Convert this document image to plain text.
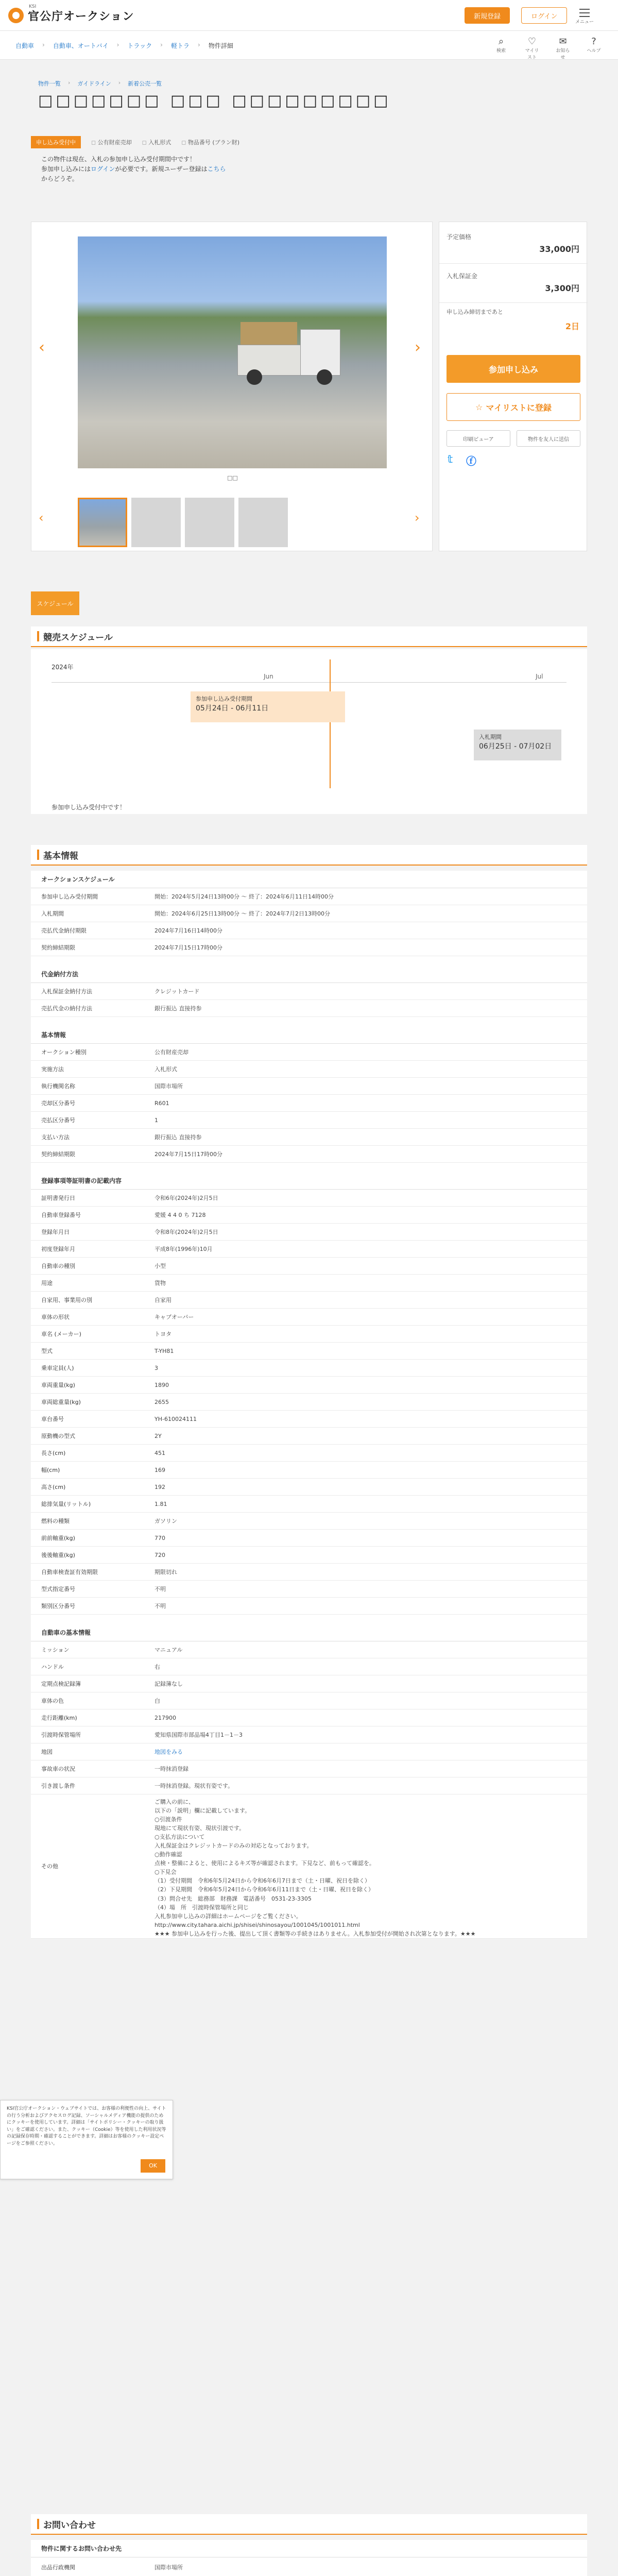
官公庁オークション
KSI
新規登録	ログイン
メニュー
自動車 › 自動車、オートバイ › トラック › 軽トラ › 物件詳細	⌕
検索
♡
マイリスト
✉
お知らせ
?
ヘルプ
物件一覧 › ガイドライン › 新着公売一覧
□□□□□□□ □□□ □□□□□□□□□
申し込み受付中	◻ 公有財産売却	◻ 入札形式	◻ 物品番号 (ブラン財)
この物件は現在、入札の参加申し込み受付期間中です！
参加申し込みにはログインが必要です。新規ユーザー登録はこちら
からどうぞ。
‹	›
□□
‹	›
予定価格
33,000円
入札保証金
3,300円
申し込み締切まであと
2日
参加申し込み
☆ マイリストに登録
印刷ビューア	物件を友人に送信
𝕥 ⓕ
スケジュール
競売スケジュール
2024年
Jun	Jul
参加申し込み受付期間
05月24日 - 06月11日
入札期間
06月25日 - 07月02日
参加申し込み受付中です！
基本情報
オークションスケジュール
参加申し込み受付期間	開始：2024年5月24日13時00分 ～ 終了：2024年6月11日14時00分
入札期間	開始：2024年6月25日13時00分 ～ 終了：2024年7月2日13時00分
売払代金納付期限	2024年7月16日14時00分
契約締結期限	2024年7月15日17時00分
代金納付方法
入札保証金納付方法	クレジットカード
売払代金の納付方法	銀行振込 直接持参
基本情報
オークション種別	公有財産売却
実施方法	入札形式
執行機関名称	国際市場所
売却区分番号	R601
売払区分番号	1
支払い方法	銀行振込 直接持参
契約締結期限	2024年7月15日17時00分
登録事項等証明書の記載内容
証明書発行日	令和6年(2024年)2月5日
自動車登録番号	愛媛 4 4 0 ち 7128
登録年月日	令和8年(2024年)2月5日
初度登録年月	平成8年(1996年)10月
自動車の種別	小型
用途	貨物
自家用、事業用の別	自家用
車体の形状	キャブオーバー
車名 (メーカー)	トヨタ
型式	T-YH81
乗車定員(人)	3
車両重量(kg)	1890
車両総重量(kg)	2655
車台番号	YH-610024111
原動機の型式	2Y
長さ(cm)	451
幅(cm)	169
高さ(cm)	192
総排気量(リットル)	1.81
燃料の種類	ガソリン
前前軸重(kg)	770
後後軸重(kg)	720
自動車検査証有効期限	期限切れ
型式指定番号	不明
類別区分番号	不明
自動車の基本情報
ミッション	マニュアル
ハンドル	右
定期点検記録簿	記録簿なし
車体の色	白
走行距離(km)	217900
引渡時保管場所	愛知県国際市部品場4丁目1－1－3
地図	地図をみる
事故車の状況	一時抹消登録
引き渡し条件	一時抹消登録。現状有姿です。
その他
ご購入の前に、
以下の「説明」欄に記載しています。
○引渡条件
現地にて現状有姿、現状引渡です。
○支払方法について
入札保証金はクレジットカードのみの対応となっております。
○動作確認
点検・整備によると、使用によるキズ等が確認されます。下見など、前もって確認を。
○下見会
（1）受付期間　令和6年5月24日から令和6年6月7日まで（土・日曜、祝日を除く）
（2）下見期間　令和6年5月24日から令和6年6月11日まで（土・日曜、祝日を除く）
（3）問合せ先　総務部　財務課　電話番号　0531-23-3305
（4）場　所　引渡時保管場所と同じ
入札参加申し込みの詳細はホームページをご覧ください。
http://www.city.tahara.aichi.jp/shisei/shinosayou/1001045/1001011.html
★★★ 参加申し込みを行った後、提出して頂く書類等の手続きはありません。入札参加受付が開始され次第となります。★★★
お問い合わせ
物件に関するお問い合わせ先
出品行政機関	国際市場所
KSI官公庁オークション・ウェブサイトでは、お客様の利便性の向上、サイトの行う分析およびアクセスログ記録、ソーシャルメディア機能の提供のためにクッキーを使用しています。詳細は「サイトポリシー・クッキーの取り扱い」をご確認ください。また、クッキー（Cookie）等を使用した利用状況等の記録保存時期・確認することができます。詳細はお客様のクッキー設定ページをご参照ください。
OK
